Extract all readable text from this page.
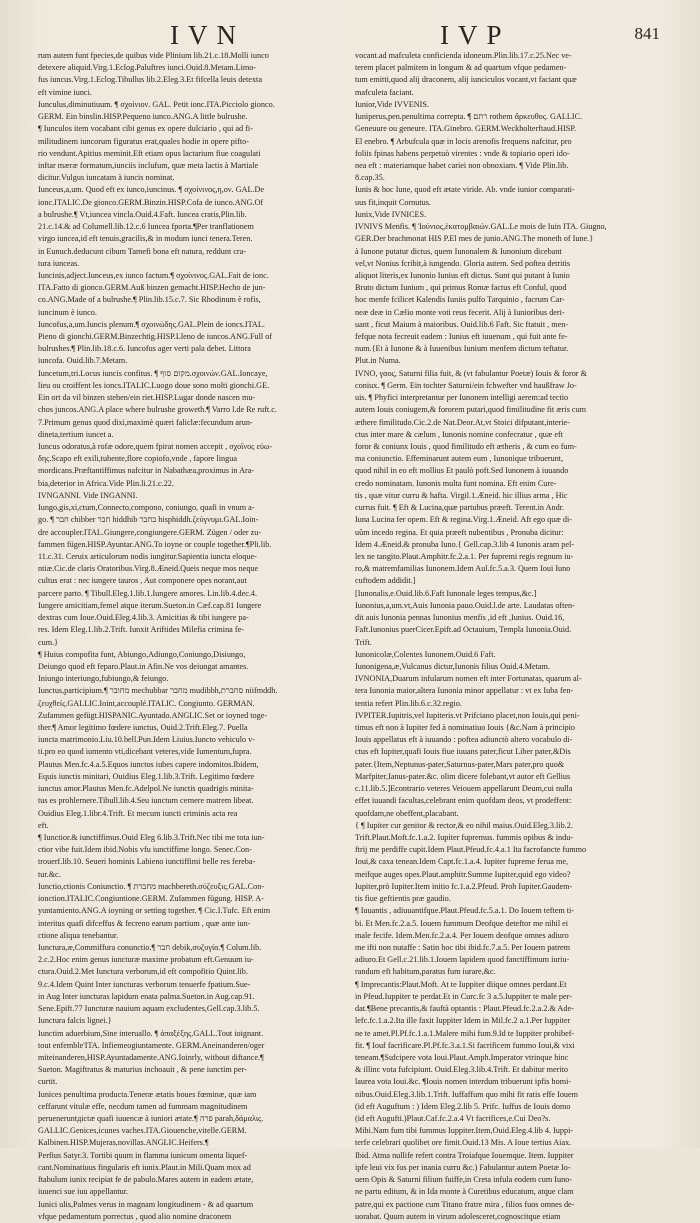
IVN	IVP	841
rum autem funt fpecies,de quibus vide Plinium lib.21.c.18.Molli iunco
detexere aliquid.Virg.1.Eclog.Paluftres iunci.Ouid.8.Metam.Limo-
fus iuncus.Virg.1.Eclog.Tibullus lib.2.Eleg.3.Et fifcella leuis detexta
eft vimine iunci.
Iunculus,diminutiuum. ¶ σχοίνιον. GAL. Petit ionc.ITA.Picciolo gionco.
GERM. Ein binslin.HISP.Pequeno iunco.ANG.A little bulrushe.
¶ Iunculos item vocabant cibi genus ex opere dulciario , qui ad fi-
militudinem iuncorum figuratus erat,quales hodie in opere pifto-
rio vendunt.Apitius meminit.Eft etiam opus lactarium fiue coagulati
inftar mæræ formatum,iunciis inclufum, quæ meta lactis à Martiale
dicitur.Vulgus iuncatam à iuncis nominat.
Iunceus,a,um. Quod eft ex iunco,iuncinus. ¶ σχοίνινος,η,ον. GAL.De
ionc.ITALIC.De gionco.GERM.Binzin.HISP.Cofa de iunco.ANG.Of
a bulrushe.¶ Vt,iuncea vincla.Ouid.4.Faft. Iuncea cratis,Plin.lib.
21.c.14.& ad Columell.lib.12.c.6 Iuncea fporta.¶Per tranflationem
virgo iuncea,id eft tenuis,gracilis,& in modum iunci tenera.Teren.
in Eunuch.deducunt cibum Tamefi bona eft natura, reddunt cra-
tura iunceas.
Iuncinis,adject.Iunceus,ex iunco factum.¶ σχοίνινος.GAL.Fait de ionc.
ITA.Fatto di gionco.GERM.Auß binzen gemacht.HISP.Hecho de jun-
co.ANG.Made of a bulrushe.¶ Plin.lib.15.c.7. Sic Rhodinum è rofis,
iuncinum è iunco.
Iuncofus,a,um.Iuncis plenum.¶ σχοινώδης.GAL.Plein de ioncs.ITAL.
Pieno di gionchi.GERM.Binzechtig.HISP.Lleno de iuncos.ANG.Full of
bulrushes.¶ Plin.lib.18.c.6. Iuncofus ager verti pala debet. Littora
iuncofa. Ouid.lib.7.Metam.
Iuncetum,tri.Locus iuncis confitus. ¶ מקום סוף.σχοινών.GAL.Ioncaye,
lieu ou croiffent les ioncs.ITALIC.Luogo doue sono molti gionchi.GE.
Ein ort da vil binzen stehen/ein riet.HISP.Lugar donde nascen mu-
chos juncos.ANG.A place where bulrushe groweth.¶ Varro l.de Re ruft.c.
7.Primum genus quod dixi,maximè quæri faliclæ:fecundum arun-
dineta,tertium iuncet a.
Iuncus odoratus,à rofæ odore,quem fpirat nomen accepit , σχοῖνος εὐω-
δης.Scapo eft exili,tubente,flore copiofo,vnde , fapore lingua
mordicans.Præftantiffimus nafcitur in Nabathæa,proximus in Ara-
bia,deterior in Africa.Vide Plin.li.21.c.22.
IVNGANNI. Vide INGANNI.
Iungo,gis,xi,ctum,Connecto,compono, coniungo, quafi in vnum a-
go. ¶ חבר chibber חבר hiddhib בחבר hisphiddh.ζεύγνυμι.GAL.Ioin-
dre accoupler.ITAL.Giungere,congiungere.GERM. Zügen / oder zu-
fammen fügen.HISP.Ayuntar.ANG.To ioyne or couple together.¶Pli.lib.
11.c.31. Ceruix articulorum nodis iungitur.Sapientia iuncta eloque-
ntiæ.Cic.de claris Oratoribus.Virg.8.Æneid.Queis neque mos neque
cultus erat : nec iungere tauros , Aut componere opes norant,aut
parcere parto. ¶ Tibull.Eleg.1.lib.1.Iungere amores. Lin.lib.4.dec.4.
Iungere amicitiam,femel atque iterum.Sueton.in Cæf.cap.81 Iungere
dextras cum Ioue.Ouid.Eleg.4.lib.3. Amicitias & tibi iungere pa-
res. Idem Eleg.1.lib.2.Trift. Iunxit Ariftides Milefia crimina fe-
cum.}
¶ Huius compofita funt, Abiungo,Adiungo,Coniungo,Disiungo,
Deiungo quod eft feparo.Plaut.in Afin.Ne vos deiungat amantes.
Iniungo interiungo,fubiungo,& feiungo.
Iunctus,participium.¶ מחובר mechubbar מחבר mudibbh,סחברת niifmddh.
ζευχθείς.GALLIC.Ioint,accouplé.ITALIC. Congiunto. GERMAN.
Zufammen gefügt.HISPANIC.Ayuntado.ANGLIC.Set or ioyned toge-
ther.¶ Amor legitimo fœdere iunctus, Ouid.2.Trift.Eleg.7. Puella
iuncta matrimonio.Liu.10.bell.Pun.Idem Liuius.Iuncto vehiculo v-
ti.pro eo quod iumento vti,dicebant veteres,vide Iumentum,fupra.
Plautus Men.fc.4.a.5.Equos iunctos iubes capere indomitos.Ibidem,
Equis iunctis minitari, Ouidius Eleg.1.lib.3.Trift. Legitimo fœdere
iunctus amor.Plautus Men.fc.Adelpol.Ne iunctis quadrigis minita-
tus es prohlernere.Tibull.lib.4.Seu iunctum cernere matrem libeat.
Ouidius Eleg.1.libr.4.Trift. Et mecum iuncti criminis acta rea
eft.
¶ Iunctior.& iunctiffimus.Ouid Eleg 6.lib.3.Trift.Nec tibi me tota iun-
ctior vibe fuit.Idem ibid.Nobis vfu iunctiffime longo. Senec.Con-
trouerf.lib.10. Seueri hominis Labieno iunctiffimi belle res fereba-
tur.&c.
Iunctio,ctionis Coniunctio. ¶ מחברת machbereth.σύζευξις.GAL.Con-
ionction.ITALIC.Congiuntione.GERM. Zufammen fügung. HISP. A-
yuntamiento.ANG.A ioyning or setting together. ¶ Cic.I.Tufc. Eft enim
interitus quafi difceffus & fecreno earum partium , quæ ante iun-
ctione aliqua tenebantur.
Iunctura,æ,Commiffura conunctio.¶ חבר debik,συζυγία.¶ Colum.lib.
2.c.2.Hoc enim genus iuncturæ maxime probatum eft.Genuum iu-
ctura.Ouid.2.Met Iunctura verborum,id eft compofitio Quint.lib.
9.c.4.Idem Quint Inter iuncturas verborum tenuerfe fpatium.Sue-
in Aug Inter iuncturas lapidum enata palma.Sueton.in Aug.cap.91.
Sene.Epift.77 Iuncturæ nauium aquam excludentes,Gell.cap.3.lib.5.
Iunctura falcis lignei.}
Iunctim aduerbium,Sine interuallo. ¶ ἀπαξέξης.GALL.Tout ioignant.
tout enfemble'ITA. Infiemeogiuntamente. GERM.Aneinanderen/oger
miteinanderen,HISP.Ayuntadamente.ANG.Ioinrly, without diftance.¶
Sueton. Magiftratus & maturius inchoauit , & pene iunctim per-
curtit.
Iunices penultima producta.Teneræ ætatis boues fœminæ, quæ iam
ceffarunt vitulæ effe, necdum tamen ad fummam magnitudinem
perueneruntдictæ quafi iuuencæ à iuniori ætate.¶ פרה parah,δάμαλις.
GALLIC.Genices,icunes vaches.ITA.Giouenche,vitelle.GERM.
Kalbinen.HISP.Mujeras,novillas.ANGLIC.Heifers.¶
Perfius Satyr.3. Tortibi quum in flamma iunicum omenta liquef-
cant.Nominatiuus fingularis eft iunix.Plaut.in Mili.Quam mox ad
ftabulum iunix recipiat fe de pabulo.Mares autem in eadem ætate,
iuuenci sue iuu appellantur.
Iunici ulis,Palmes verus in magnam longitudinem - & ad quartum
vfque pedamentum porrectus , quod alio nomine draconem
vocant.ad mafculeta conficienda idoneum.Plin.lib.17.c.25.Nec ve-
terem placet palmitem in longum & ad quartum vfque pedamen-
tum emitti,quod alij draconem, alij iunciculos vocant,vt faciant quæ
mafculeta faciant.
Iunior,Vide IVVENIS.
Iuniperus,pen.penultima correpta. ¶ רתם rothem ἄρκευθος. GALLIC.
Geneuure ou geneure. ITA.Ginebro. GERM.Weckholterftaud.HISP.
El enebro. ¶ Arbufcula quæ in locis arenofis frequens nafcitur, pro
foliis fpinas habens perpetuò virentes : vnde & topiario operi ido-
nea eft : materiamque habet cariei non obnoxiam. ¶ Vide Plin.lib.
8.cap.35.
Iunis & hoc Iune, quod eft ætate viride. Ab. vnde iunior comparati-
uus fit,inquit Cornutus.
Iunix,Vide IVNICES.
IVNIVS Menfis. ¶ Ἰούνιος,ἑκατομβαιών.GAL.Le mois de Iuin ITA. Giugno,
GER.Der brachmonat HIS P.El mes de junio.ANG.The moneth of Iune.}
à Iunone putatur dictus, quem Iunonalem & Iunonium dicebant
vel,vt Nonius fcribit,à iungendo. Gloria autem. Sed poftea detritis
aliquot literis,ex Iunonio Iunius eft dictus. Sunt qui putant à Iunio
Bruto dictum Iunium , qui primus Romæ factus eft Conful, quod
hoc menfe fcilicet Kalendis Iuniis pulfo Tarquinio , facrum Car-
neæ deæ in Cælio monte voti reus fecerit. Alij à Iunioribus deri-
uant , ficut Maium à maioribus. Ouid.lib.6 Faft. Sic ftatuit , men-
fefque nota fecreuit eadem : Iunius eft iuuenum , qui fuit ante fe-
num.{Et à Iunone & à Iuuenibus Iunium menfem dictum teftatur.
Plut.in Numa.
IVNO, γαος, Saturni filia fuit, & (vt fabulantur Poetæ) Iouis & foror &
coniux. ¶ Germ. Ein tochter Saturni/ein fchwefter vnd haußfraw Jo-
uis. ¶ Phyfici interpretantur per Iunonem intelligi aerem:ad tectio
autem Iouis coniugem,& fororem putari,quod fimilitudine fit æris cum
æthere fimilitudo.Cic.2.de Nat.Deor.At,vt Stoici difputant,interie-
ctus inter mare & cælum , Iunonis nomine confecratur , quæ eft
foror & coniunx Iouis , quod fimilitudo eft ætheris , & cum eo fum-
ma coniunctio. Effeminarunt autem eum , Iunonique tribuerunt,
quod nihil in eo eft mollius Et paulò poft.Sed Iunonem à iuuando
credo nominatam. Iunonis multa funt nomina. Eft enim Cure-
tis , quæ vitur curru & hafta. Virgil.1.Æneid. hic illius arma , Hic
currus fuit. ¶ Eft & Lucina,quæ partubus præeft. Terent.in Andr.
Iuna Lucina fer opem. Eft & regina.Virg.1.Æneid. Aft ego quæ di-
uûm incedo regina. Et quia præeft nubentibus , Pronuba dicitur:
Idem 4.Æneid.& pronuba Iuno.{ Gell.cap.3.lib 4 Iunonis aram pel-
lex ne tangito.Plaut.Amphitr.fc.2.a.1. Per fupremi regis regnum iu-
ro,& matremfamilias Iunonem.Idem Aul.fc.5.a.3. Quem Ioui Iuno
cuftodem addidit.]
[Iunonalis,e.Ouid.lib.6.Faft Iunonale leges tempus,&c.]
Iunonius,a,um.vt,Auis Iunonia pauo.Ouid.l.de arte. Laudatas often-
dit auis Iunonia pennas Iunonius menfis ,id eft ,Iunius. Ouid.16,
Faft.Iunonius puerCicer.Epift.ad Octauium, Templa Iunonia.Ouid.
Trift.
Iunonicolæ,Colentes Iunonem.Ouid.6 Faft.
Iunonigena,æ,Vulcanus dictur,Iunonis filius Ouid.4.Metam.
IVNONIA,Duarum infularum nomen eft inter Fortunatas, quarum al-
tera Iunonia maior,altera Iunonia minor appellatur : vt ex Iuba fen-
tentia refert Plin.lib.6.c.32.regio.
IVPITER.Iupitris,vel Iupiteris.vt Prifciano placet,non Iouis,qui peni-
timus eft non à Iupiter fed à nominatiuo Iouis {&c.Nam à principio
Iouis appellatus eft à iuuando : poftea adiunctò altero vocabulo di-
ctus eft Iupiter,quafi Iouis fiue iuuans pater,ficut Liber pater,&Dis
pater.{Item,Neptunus-pater,Saturnus-pater,Mars pater,pro quo&
Marfpiter,Ianus-pater.&c. olim dicere folebant,vt autor eft Gellius
c.11.lib.5.]Econtrario veteres Veiouem appellarunt Deum,cui nulla
effet iuuandi facultas,celebrant enim quofdam deos, vt prodeffent:
quofdam,ne obeffent,placabant.
{ ¶ Iupiter cur genitor & rector,& eo nihil maius.Ouid.Eleg.3.lib.2.
Trift.Plaut.Moft.fc.1.a.2. Iupiter fupremus. fummis opibus & indu-
ftrij me perdiffe cupit.Idem Plaut.Pfeud.fc.4.a.1 Ita facrofancte fummo
Ioui,& caxa tenean.Idem Capt.fc.1.a.4. Iupiter fupreme ferua me,
meifque auges opes.Plaut.amphitr.Summe Iupiter,quid ego video?
Iupiter,prò Iupiter.Item initio fc.1.a.2.Pfeud. Proh Iupiter.Gaudem-
tis fiue geftientis præ gaudio.
¶ Iuuantis , adiuuantifque.Plaut.Pfeud.fc.5.a.1. Do Iouem teftem ti-
bi. Et Men.fc.2.a.5. Iouem fummum Deofque deteftor me nihil ei
male fecife. Idem.Men.fc.2.a.4. Per Iouem deofque omnes adiuro
me ifti non nutaffe : Satin hoc tibi ibid.fc.7.a.5. Per Iouem patrem
adiuro.Et Gell.c.21.lib.1.Iouem lapidem quod fanctiffimum iuriu-
randum eft habitum,paratus fum iurare,&c.
¶ Imprecantis:Plaut.Moft. At te Iuppiter diique omnes perdant.Et
in Pfeud.Iuppiter te perdat.Et in Curc.fc 3 a.5.Iuppiter te male per-
dat.¶Bene precantis,& fauftà optantis : Plaut.Pfeud.fc.2.a.2.& Ade-
lefc.fc.1.a.2.Ita ille faxit Iuppiter Idem in Mil.fc.2 a.1.Per Iuppiter
ne te amet.Pl.Pf.fc.1.a.1.Malere mihi fum.9.Id te Iuppiter prohibef-
fit. ¶ Iouf facrificare.Pl.Pf.fc.3.a.1.Si facrificem fummo Ioui,& vixi
teneam.¶Sufcipere vota Ioui.Plaut.Amph.Imperator vtrinque hinc
& illinc vota fufcipiunt. Ouid.Eleg.3.lib.4.Trift. Et dabitur merito
laurea vota Ioui.&c. ¶Iouis nomen interdum tribuerunt ipfis homi-
nibus.Ouid.Eleg.3.lib.1.Trift. Iuffaffum quo mihi fit ratis effe Iouem
(id eft Auguftum : ) Idem Eleg.2.lib 5. Prifc. Iuffus de Iouis domo
(id eft Augufti.)Plaut.Caf.fc.2.a.4 Vt facrifices,e.Cui Deo?s.
Mihi.Nam fum tibi fummus Iuppiter.Item,Ouid.Eleg.4.lib 4. Iuppi-
terfe celebrari quolibet ore fimit.Ouid.13 Mis. A Ioue tertius Aiax.
Ibid. Atma nullife refert contra Troiafque Iouemque. Item. Iuppiter
ipfe leui vix fos per inania curru &c.) Fabulantur autem Poetæ Io-
uem Opis & Saturni filium fuiffe,in Creta infula eodem cum Iuno-
ne partu editum, & in Ida monte à Curetibus educatum, atque clam
patre,qui ex pactione cum Titano fratre mira , filios fuos omnes de-
uorabat. Quum autem in virum adolesceret,cognoscitque etiam
